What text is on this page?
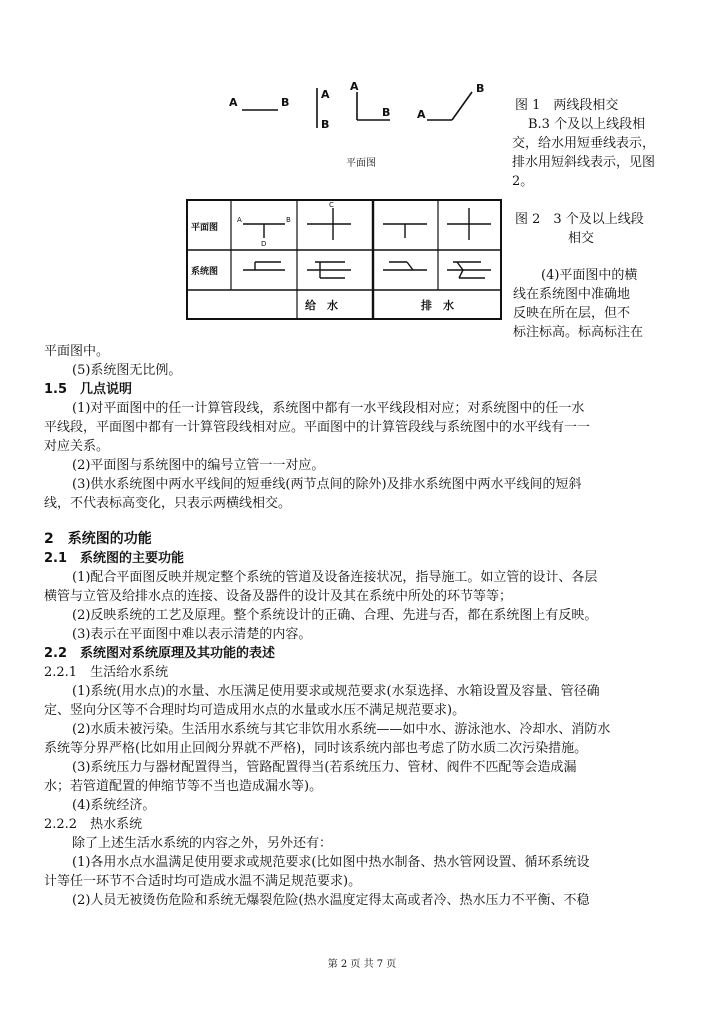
A	B
A
B
A
B A
B
平面图
平面图
系统图
A	B
C
D
给　水	排　水
图 1　两线段相交
B.3 个及以上线段相
交，给水用短垂线表示，
排水用短斜线表示，见图
2。
图 2　3 个及以上线段
相交
(4)平面图中的横
线在系统图中准确地
反映在所在层，但不
标注标高。标高标注在
平面图中。
(5)系统图无比例。
1.5　几点说明
(1)对平面图中的任一计算管段线，系统图中都有一水平线段相对应；对系统图中的任一水
平线段，平面图中都有一计算管段线相对应。平面图中的计算管段线与系统图中的水平线有一一
对应关系。
(2)平面图与系统图中的编号立管一一对应。
(3)供水系统图中两水平线间的短垂线(两节点间的除外)及排水系统图中两水平线间的短斜
线，不代表标高变化，只表示两横线相交。
2　系统图的功能
2.1　系统图的主要功能
(1)配合平面图反映并规定整个系统的管道及设备连接状况，指导施工。如立管的设计、各层
横管与立管及给排水点的连接、设备及器件的设计及其在系统中所处的环节等等；
(2)反映系统的工艺及原理。整个系统设计的正确、合理、先进与否，都在系统图上有反映。
(3)表示在平面图中难以表示清楚的内容。
2.2　系统图对系统原理及其功能的表述
2.2.1　生活给水系统
(1)系统(用水点)的水量、水压满足使用要求或规范要求(水泵选择、水箱设置及容量、管径确
定、竖向分区等不合理时均可造成用水点的水量或水压不满足规范要求)。
(2)水质未被污染。生活用水系统与其它非饮用水系统——如中水、游泳池水、冷却水、消防水
系统等分界严格(比如用止回阀分界就不严格)，同时该系统内部也考虑了防水质二次污染措施。
(3)系统压力与器材配置得当，管路配置得当(若系统压力、管材、阀件不匹配等会造成漏
水；若管道配置的伸缩节等不当也造成漏水等)。
(4)系统经济。
2.2.2　热水系统
除了上述生活水系统的内容之外，另外还有：
(1)各用水点水温满足使用要求或规范要求(比如图中热水制备、热水管网设置、循环系统设
计等任一环节不合适时均可造成水温不满足规范要求)。
(2)人员无被烫伤危险和系统无爆裂危险(热水温度定得太高或者冷、热水压力不平衡、不稳
第 2 页 共 7 页
